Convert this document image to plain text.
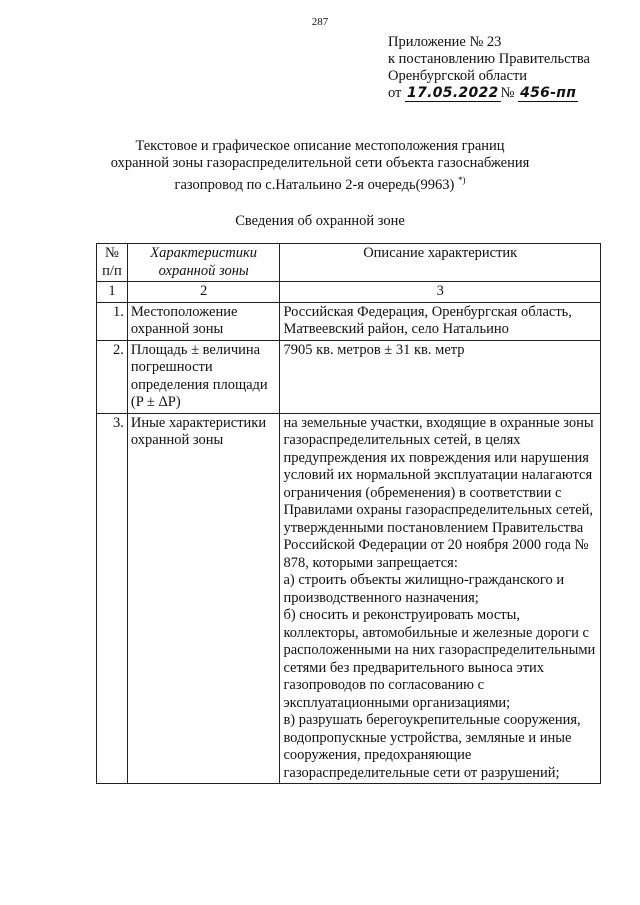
287
Приложение № 23
к постановлению Правительства
Оренбургской области
от 17.05.2022 № 456-пп
Текстовое и графическое описание местоположения границ
охранной зоны газораспределительной сети объекта газоснабжения
газопровод по с.Натальино 2-я очередь(9963) *)
Сведения об охранной зоне
№ п/п	Характеристики охранной зоны	Описание характеристик
1	2	3
1.	Местоположение охранной зоны	Российская Федерация, Оренбургская область, Матвеевский район, село Натальино

2.	Площадь ± величина погрешности определения площади (P ± ΔP)	7905 кв. метров ± 31 кв. метр

3.	Иные характеристики охранной зоны	на земельные участки, входящие в охранные зоны газораспределительных сетей, в целях предупреждения их повреждения или нарушения условий их нормальной эксплуатации налагаются ограничения (обременения) в соответствии с Правилами охраны газораспределительных сетей, утвержденными постановлением Правительства Российской Федерации от 20 ноября 2000 года № 878, которыми запрещается:

а) строить объекты жилищно-гражданского и производственного назначения;

б) сносить и реконструировать мосты, коллекторы, автомобильные и железные дороги с расположенными на них газораспределительными сетями без предварительного выноса этих газопроводов по согласованию с эксплуатационными организациями;

в) разрушать берегоукрепительные сооружения, водопропускные устройства, земляные и иные сооружения, предохраняющие газораспределительные сети от разрушений;
